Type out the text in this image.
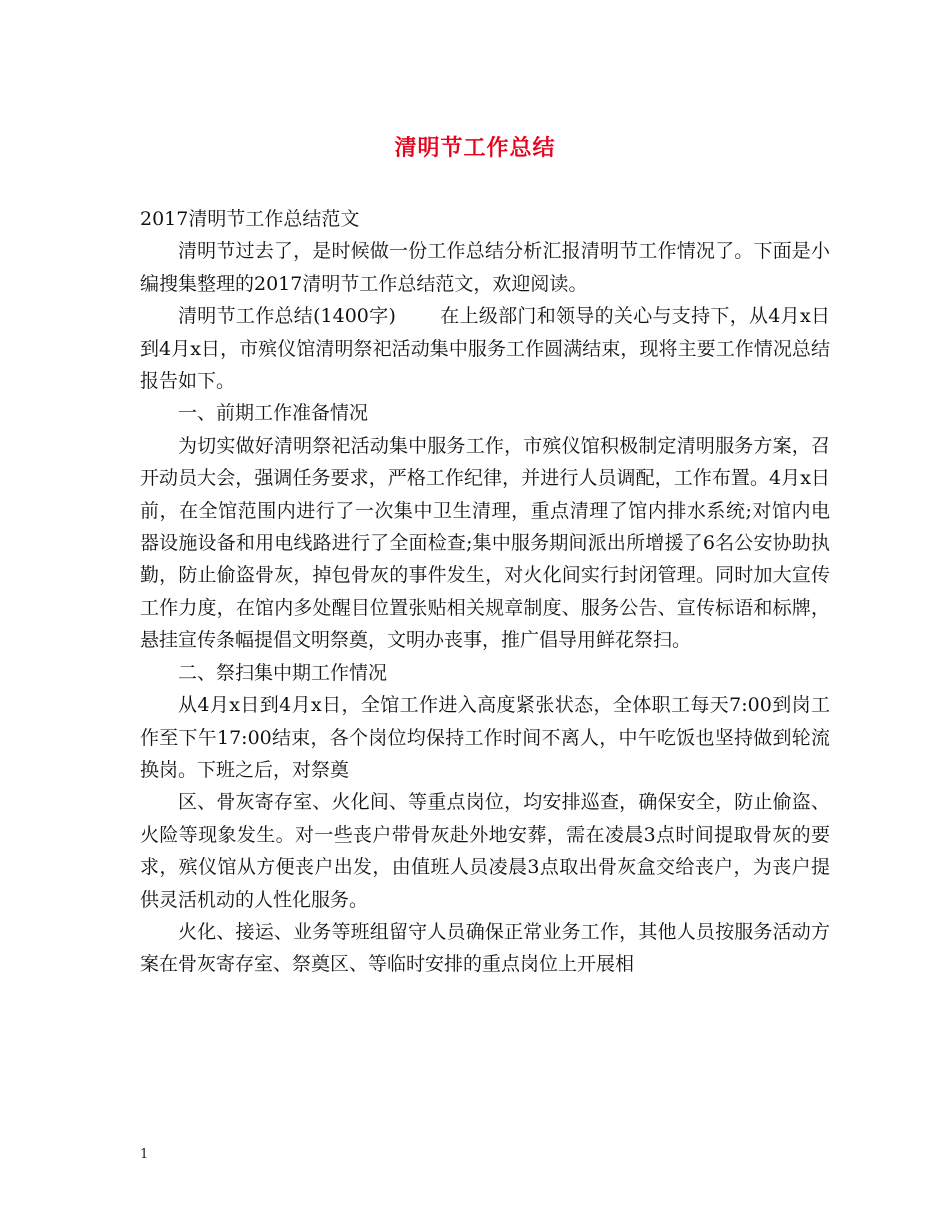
清明节工作总结

2017清明节工作总结范文

清明节过去了，是时候做一份工作总结分析汇报清明节工作情况了。下面是小编搜集整理的2017清明节工作总结范文，欢迎阅读。

清明节工作总结(1400字) 在上级部门和领导的关心与支持下，从4月x日到4月x日，市殡仪馆清明祭祀活动集中服务工作圆满结束，现将主要工作情况总结报告如下。

一、前期工作准备情况

为切实做好清明祭祀活动集中服务工作，市殡仪馆积极制定清明服务方案，召开动员大会，强调任务要求，严格工作纪律，并进行人员调配，工作布置。4月x日前，在全馆范围内进行了一次集中卫生清理，重点清理了馆内排水系统;对馆内电器设施设备和用电线路进行了全面检查;集中服务期间派出所增援了6名公安协助执勤，防止偷盗骨灰，掉包骨灰的事件发生，对火化间实行封闭管理。同时加大宣传工作力度，在馆内多处醒目位置张贴相关规章制度、服务公告、宣传标语和标牌，悬挂宣传条幅提倡文明祭奠，文明办丧事，推广倡导用鲜花祭扫。

二、祭扫集中期工作情况

从4月x日到4月x日，全馆工作进入高度紧张状态，全体职工每天7:00到岗工作至下午17:00结束，各个岗位均保持工作时间不离人，中午吃饭也坚持做到轮流换岗。下班之后，对祭奠

区、骨灰寄存室、火化间、等重点岗位，均安排巡查，确保安全，防止偷盗、火险等现象发生。对一些丧户带骨灰赴外地安葬，需在凌晨3点时间提取骨灰的要求，殡仪馆从方便丧户出发，由值班人员凌晨3点取出骨灰盒交给丧户，为丧户提供灵活机动的人性化服务。

火化、接运、业务等班组留守人员确保正常业务工作，其他人员按服务活动方案在骨灰寄存室、祭奠区、等临时安排的重点岗位上开展相

1
